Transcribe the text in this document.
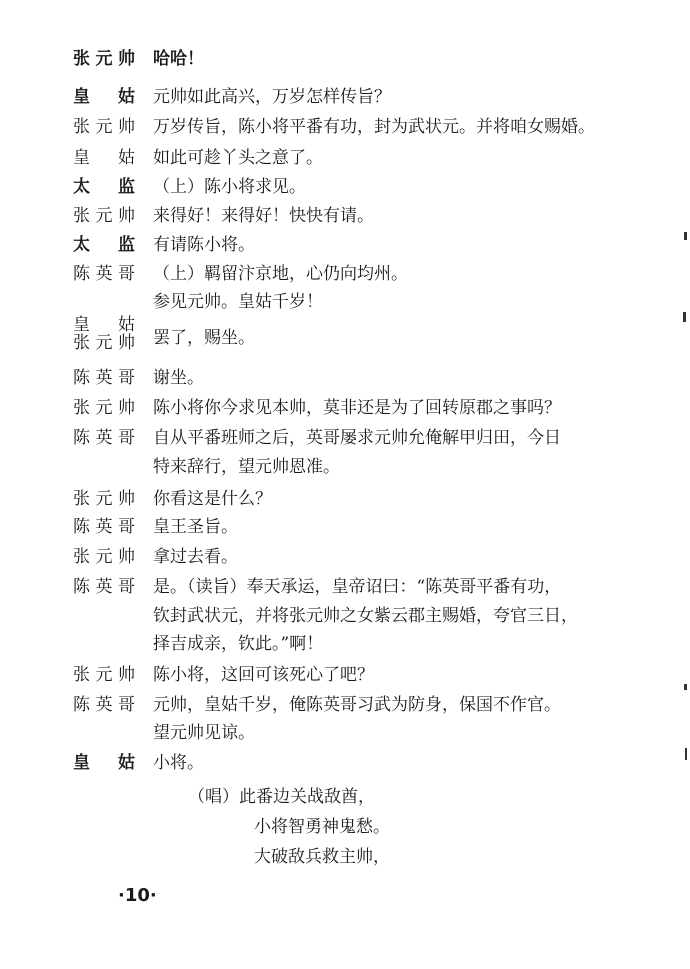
张元帅 哈哈！
皇　姑 元帅如此高兴，万岁怎样传旨？
张元帅 万岁传旨，陈小将平番有功，封为武状元。并将咱女赐婚。
皇　姑 如此可趁丫头之意了。
太　监 （上）陈小将求见。
张元帅 来得好！来得好！快快有请。
太　监 有请陈小将。
陈英哥 （上）羁留汴京地，心仍向均州。
参见元帅。皇姑千岁！
皇　姑
张元帅 罢了，赐坐。
陈英哥 谢坐。
张元帅 陈小将你今求见本帅，莫非还是为了回转原郡之事吗？
陈英哥 自从平番班师之后，英哥屡求元帅允俺解甲归田，今日
特来辞行，望元帅恩准。
张元帅 你看这是什么？
陈英哥 皇王圣旨。
张元帅 拿过去看。
陈英哥 是。（读旨）奉天承运，皇帝诏曰：“陈英哥平番有功，
钦封武状元，并将张元帅之女紫云郡主赐婚，夸官三日，
择吉成亲，钦此。”啊！
张元帅 陈小将，这回可该死心了吧？
陈英哥 元帅，皇姑千岁，俺陈英哥习武为防身，保国不作官。
望元帅见谅。
皇　姑 小将。
（唱）此番边关战敌酋，
小将智勇神鬼愁。
大破敌兵救主帅，
·10·
